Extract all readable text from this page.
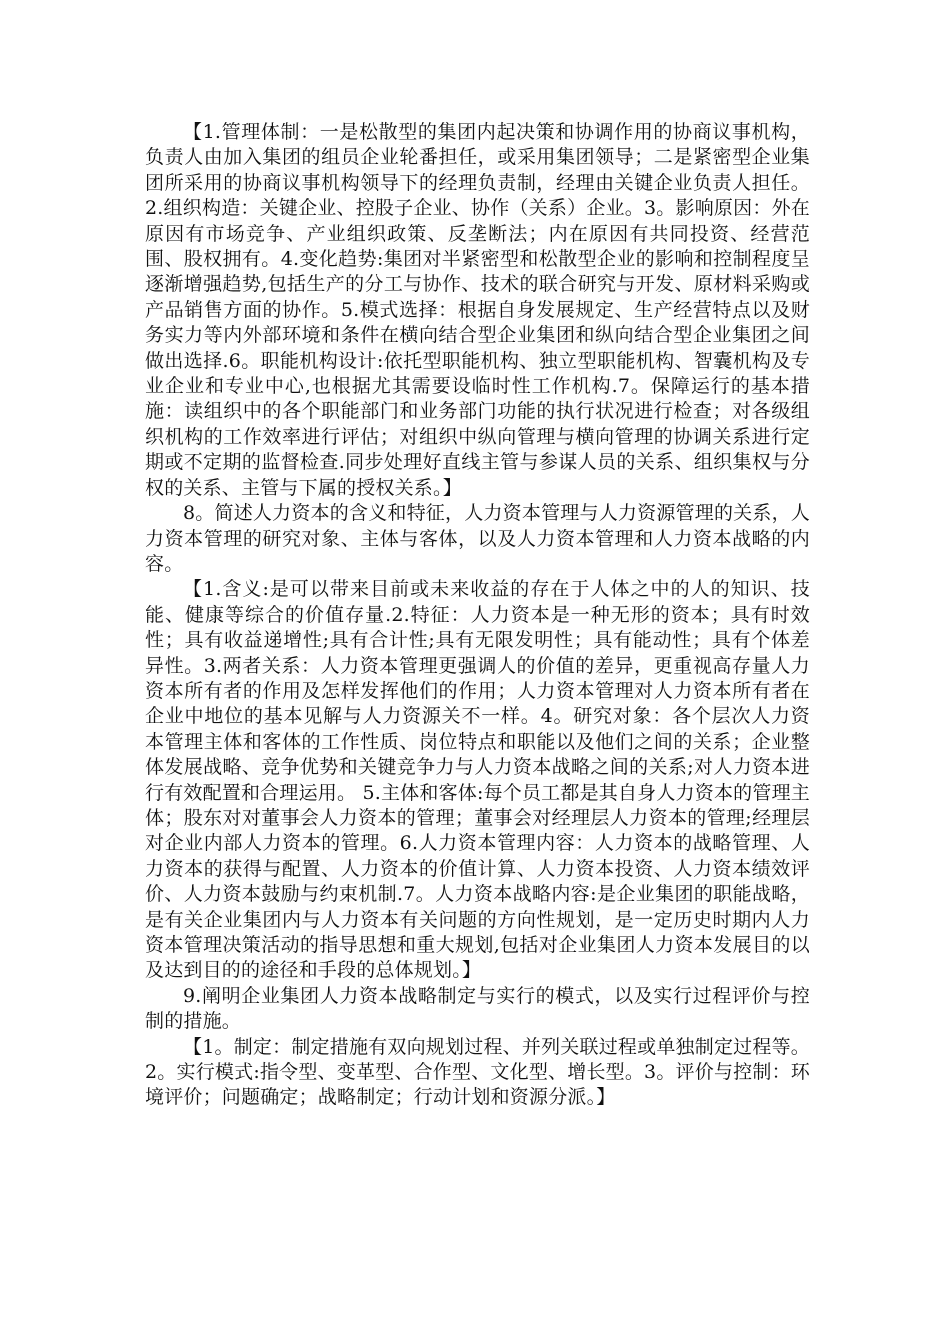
【1.管理体制：一是松散型的集团内起决策和协调作用的协商议事机构，负责人由加入集团的组员企业轮番担任，或采用集团领导；二是紧密型企业集团所采用的协商议事机构领导下的经理负责制，经理由关键企业负责人担任。2.组织构造：关键企业、控股子企业、协作（关系）企业。3。影响原因：外在原因有市场竞争、产业组织政策、反垄断法；内在原因有共同投资、经营范围、股权拥有。4.变化趋势:集团对半紧密型和松散型企业的影响和控制程度呈逐渐增强趋势,包括生产的分工与协作、技术的联合研究与开发、原材料采购或产品销售方面的协作。5.模式选择：根据自身发展规定、生产经营特点以及财务实力等内外部环境和条件在横向结合型企业集团和纵向结合型企业集团之间做出选择.6。职能机构设计:依托型职能机构、独立型职能机构、智囊机构及专业企业和专业中心,也根据尤其需要设临时性工作机构.7。保障运行的基本措施：读组织中的各个职能部门和业务部门功能的执行状况进行检查；对各级组织机构的工作效率进行评估；对组织中纵向管理与横向管理的协调关系进行定期或不定期的监督检查.同步处理好直线主管与参谋人员的关系、组织集权与分权的关系、主管与下属的授权关系。】

8。简述人力资本的含义和特征，人力资本管理与人力资源管理的关系，人力资本管理的研究对象、主体与客体，以及人力资本管理和人力资本战略的内容。

【1.含义:是可以带来目前或未来收益的存在于人体之中的人的知识、技能、健康等综合的价值存量.2.特征：人力资本是一种无形的资本；具有时效性；具有收益递增性;具有合计性;具有无限发明性；具有能动性；具有个体差异性。3.两者关系：人力资本管理更强调人的价值的差异，更重视高存量人力资本所有者的作用及怎样发挥他们的作用；人力资本管理对人力资本所有者在企业中地位的基本见解与人力资源关不一样。4。研究对象：各个层次人力资本管理主体和客体的工作性质、岗位特点和职能以及他们之间的关系；企业整体发展战略、竞争优势和关键竞争力与人力资本战略之间的关系;对人力资本进行有效配置和合理运用。 5.主体和客体:每个员工都是其自身人力资本的管理主体；股东对对董事会人力资本的管理；董事会对经理层人力资本的管理;经理层对企业内部人力资本的管理。6.人力资本管理内容：人力资本的战略管理、人力资本的获得与配置、人力资本的价值计算、人力资本投资、人力资本绩效评价、人力资本鼓励与约束机制.7。人力资本战略内容:是企业集团的职能战略，是有关企业集团内与人力资本有关问题的方向性规划，是一定历史时期内人力资本管理决策活动的指导思想和重大规划,包括对企业集团人力资本发展目的以及达到目的的途径和手段的总体规划。】

9.阐明企业集团人力资本战略制定与实行的模式，以及实行过程评价与控制的措施。

【1。制定：制定措施有双向规划过程、并列关联过程或单独制定过程等。2。实行模式:指令型、变革型、合作型、文化型、增长型。3。评价与控制：环境评价；问题确定；战略制定；行动计划和资源分派。】
